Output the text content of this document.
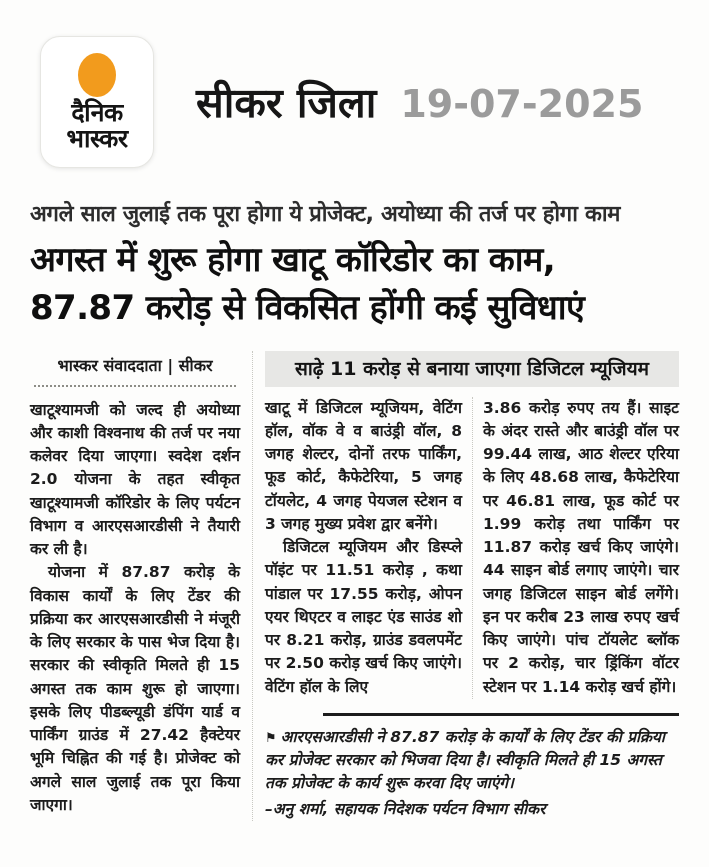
दैनिक
भास्कर
सीकर जिला 19-07-2025
अगले साल जुलाई तक पूरा होगा ये प्रोजेक्ट, अयोध्या की तर्ज पर होगा काम
अगस्त में शुरू होगा खाटू कॉरिडोर का काम,
87.87 करोड़ से विकसित होंगी कई सुविधाएं
भास्कर संवाददाता | सीकर

खाटूश्यामजी को जल्द ही अयोध्या और काशी विश्वनाथ की तर्ज पर नया कलेवर दिया जाएगा। स्वदेश दर्शन 2.0 योजना के तहत स्वीकृत खाटूश्यामजी कॉरिडोर के लिए पर्यटन विभाग व आरएसआरडीसी ने तैयारी कर ली है।

योजना में 87.87 करोड़ के विकास कार्यों के लिए टेंडर की प्रक्रिया कर आरएसआरडीसी ने मंजूरी के लिए सरकार के पास भेज दिया है। सरकार की स्वीकृति मिलते ही 15 अगस्त तक काम शुरू हो जाएगा। इसके लिए पीडब्ल्यूडी डंपिंग यार्ड व पार्किंग ग्राउंड में 27.42 हैक्टेयर भूमि चिह्नित की गई है। प्रोजेक्ट को अगले साल जुलाई तक पूरा किया जाएगा।

साढ़े 11 करोड़ से बनाया जाएगा डिजिटल म्यूजियम

खाटू में डिजिटल म्यूजियम, वेटिंग हॉल, वॉक वे व बाउंड्री वॉल, 8 जगह शेल्टर, दोनों तरफ पार्किंग, फूड कोर्ट, कैफेटेरिया, 5 जगह टॉयलेट, 4 जगह पेयजल स्टेशन व 3 जगह मुख्य प्रवेश द्वार बनेंगे।

डिजिटल म्यूजियम और डिस्प्ले पॉइंट पर 11.51 करोड़ , कथा पांडाल पर 17.55 करोड़, ओपन एयर थिएटर व लाइट एंड साउंड शो पर 8.21 करोड़, ग्राउंड डवलपमेंट पर 2.50 करोड़ खर्च किए जाएंगे। वेटिंग हॉल के लिए

3.86 करोड़ रुपए तय हैं। साइट के अंदर रास्ते और बाउंड्री वॉल पर 99.44 लाख, आठ शेल्टर एरिया के लिए 48.68 लाख, कैफेटेरिया पर 46.81 लाख, फूड कोर्ट पर 1.99 करोड़ तथा पार्किंग पर 11.87 करोड़ खर्च किए जाएंगे। 44 साइन बोर्ड लगाए जाएंगे। चार जगह डिजिटल साइन बोर्ड लगेंगे। इन पर करीब 23 लाख रुपए खर्च किए जाएंगे। पांच टॉयलेट ब्लॉक पर 2 करोड़, चार ड्रिंकिंग वॉटर स्टेशन पर 1.14 करोड़ खर्च होंगे।

⚑ आरएसआरडीसी ने 87.87 करोड़ के कार्यों के लिए टेंडर की प्रक्रिया कर प्रोजेक्ट सरकार को भिजवा दिया है। स्वीकृति मिलते ही 15 अगस्त तक प्रोजेक्ट के कार्य शुरू करवा दिए जाएंगे।
–अनु शर्मा, सहायक निदेशक पर्यटन विभाग सीकर
